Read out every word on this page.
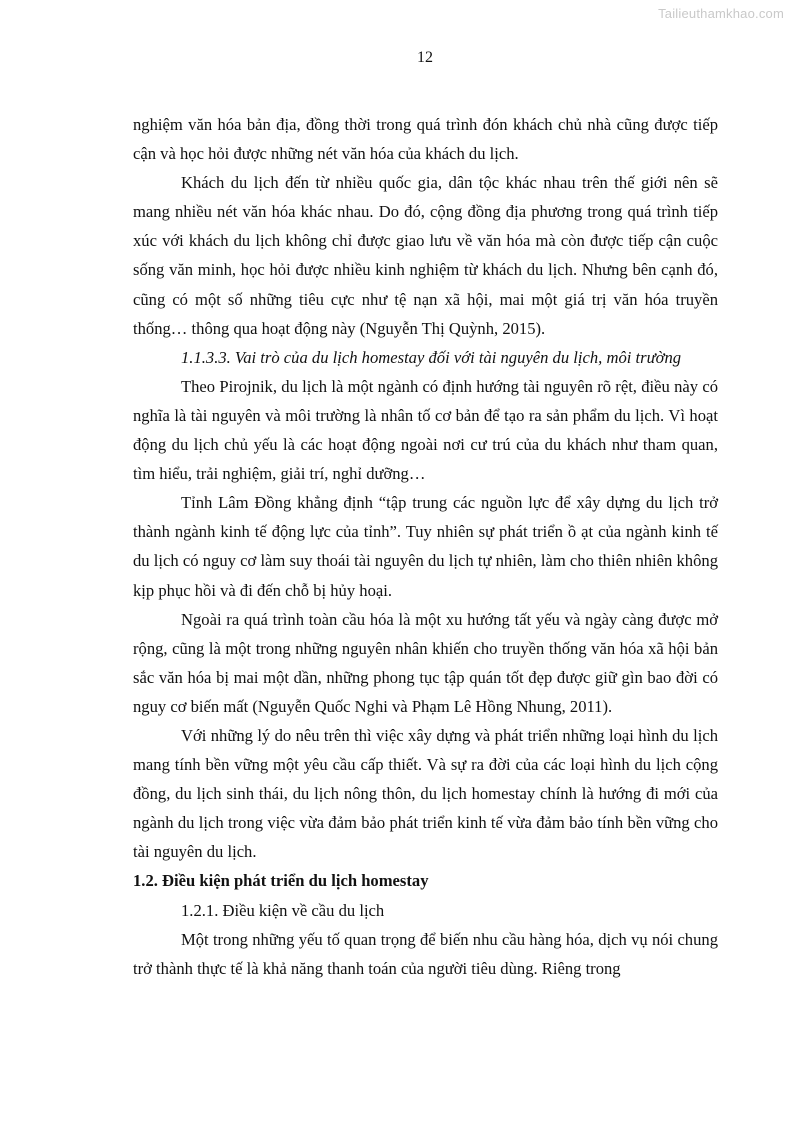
Tailieuthamkhao.com
12

nghiệm văn hóa bản địa, đồng thời trong quá trình đón khách chủ nhà cũng được tiếp cận và học hỏi được những nét văn hóa của khách du lịch.

Khách du lịch đến từ nhiều quốc gia, dân tộc khác nhau trên thế giới nên sẽ mang nhiều nét văn hóa khác nhau. Do đó, cộng đồng địa phương trong quá trình tiếp xúc với khách du lịch không chỉ được giao lưu về văn hóa mà còn được tiếp cận cuộc sống văn minh, học hỏi được nhiều kinh nghiệm từ khách du lịch. Nhưng bên cạnh đó, cũng có một số những tiêu cực như tệ nạn xã hội, mai một giá trị văn hóa truyền thống… thông qua hoạt động này (Nguyễn Thị Quỳnh, 2015).

1.1.3.3. Vai trò của du lịch homestay đối với tài nguyên du lịch, môi trường

Theo Pirojnik, du lịch là một ngành có định hướng tài nguyên rõ rệt, điều này có nghĩa là tài nguyên và môi trường là nhân tố cơ bản để tạo ra sản phẩm du lịch. Vì hoạt động du lịch chủ yếu là các hoạt động ngoài nơi cư trú của du khách như tham quan, tìm hiểu, trải nghiệm, giải trí, nghỉ dưỡng…

Tỉnh Lâm Đồng khẳng định “tập trung các nguồn lực để xây dựng du lịch trở thành ngành kinh tế động lực của tỉnh”. Tuy nhiên sự phát triển ồ ạt của ngành kinh tế du lịch có nguy cơ làm suy thoái tài nguyên du lịch tự nhiên, làm cho thiên nhiên không kịp phục hồi và đi đến chỗ bị hủy hoại.

Ngoài ra quá trình toàn cầu hóa là một xu hướng tất yếu và ngày càng được mở rộng, cũng là một trong những nguyên nhân khiến cho truyền thống văn hóa xã hội bản sắc văn hóa bị mai một dần, những phong tục tập quán tốt đẹp được giữ gìn bao đời có nguy cơ biến mất (Nguyễn Quốc Nghi và Phạm Lê Hồng Nhung, 2011).

Với những lý do nêu trên thì việc xây dựng và phát triển những loại hình du lịch mang tính bền vững một yêu cầu cấp thiết. Và sự ra đời của các loại hình du lịch cộng đồng, du lịch sinh thái, du lịch nông thôn, du lịch homestay chính là hướng đi mới của ngành du lịch trong việc vừa đảm bảo phát triển kinh tế vừa đảm bảo tính bền vững cho tài nguyên du lịch.

1.2. Điều kiện phát triển du lịch homestay

1.2.1. Điều kiện về cầu du lịch

Một trong những yếu tố quan trọng để biến nhu cầu hàng hóa, dịch vụ nói chung trở thành thực tế là khả năng thanh toán của người tiêu dùng. Riêng trong
